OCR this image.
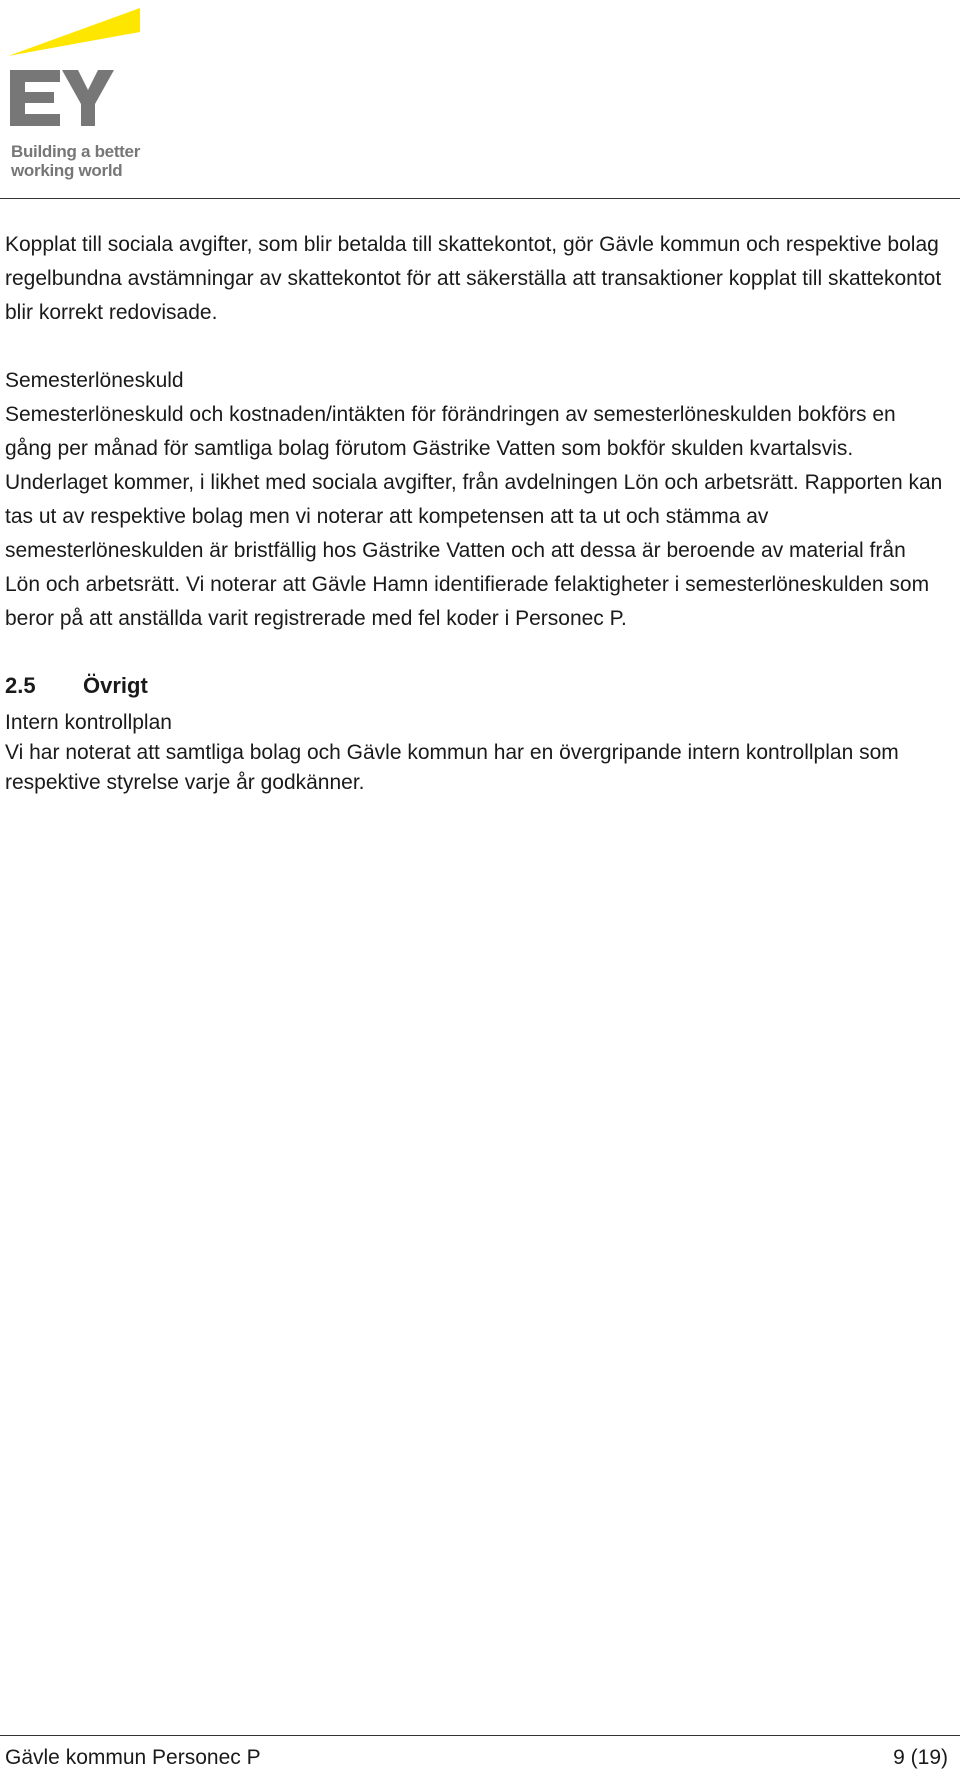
Building a better
working world

Kopplat till sociala avgifter, som blir betalda till skattekontot, gör Gävle kommun och respektive bolag regelbundna avstämningar av skattekontot för att säkerställa att transaktioner kopplat till skattekontot blir korrekt redovisade.

Semesterlöneskuld

Semesterlöneskuld och kostnaden/intäkten för förändringen av semesterlöneskulden bokförs en gång per månad för samtliga bolag förutom Gästrike Vatten som bokför skulden kvartalsvis. Underlaget kommer, i likhet med sociala avgifter, från avdelningen Lön och arbetsrätt. Rapporten kan tas ut av respektive bolag men vi noterar att kompetensen att ta ut och stämma av semesterlöneskulden är bristfällig hos Gästrike Vatten och att dessa är beroende av material från Lön och arbetsrätt. Vi noterar att Gävle Hamn identifierade felaktigheter i semesterlöneskulden som beror på att anställda varit registrerade med fel koder i Personec P.

2.5	Övrigt

Intern kontrollplan

Vi har noterat att samtliga bolag och Gävle kommun har en övergripande intern kontrollplan som respektive styrelse varje år godkänner.

Gävle kommun Personec P	9 (19)
